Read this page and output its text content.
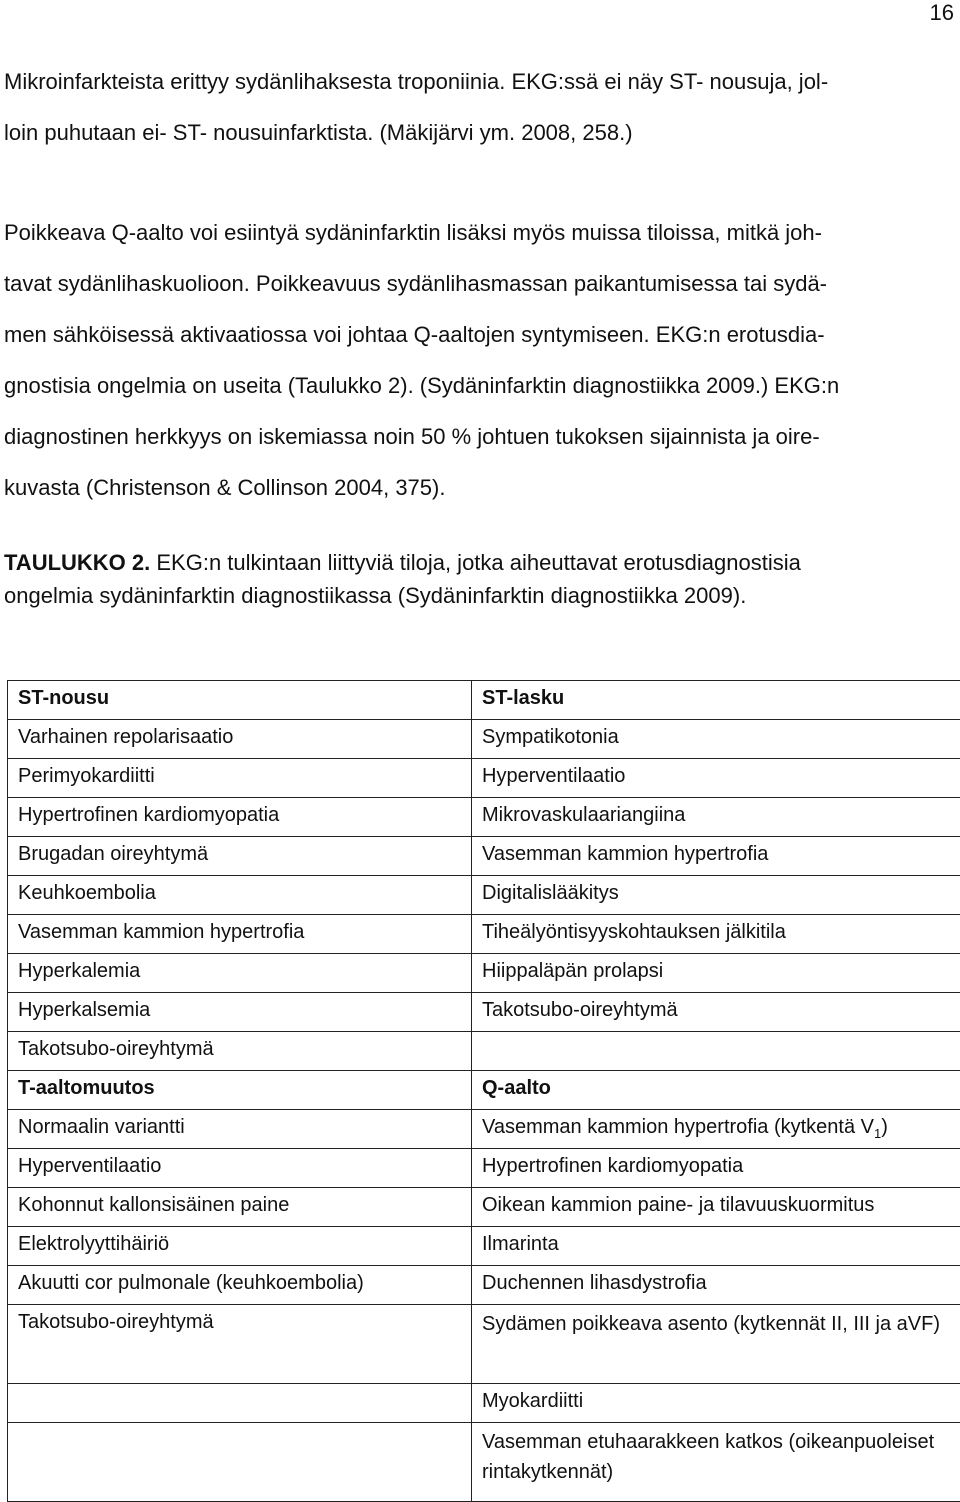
16
Mikroinfarkteista erittyy sydänlihaksesta troponiinia. EKG:ssä ei näy ST- nousuja, jol-
loin puhutaan ei- ST- nousuinfarktista. (Mäkijärvi ym. 2008, 258.)
Poikkeava Q-aalto voi esiintyä sydäninfarktin lisäksi myös muissa tiloissa, mitkä joh-
tavat sydänlihaskuolioon. Poikkeavuus sydänlihasmassan paikantumisessa tai sydä-
men sähköisessä aktivaatiossa voi johtaa Q-aaltojen syntymiseen. EKG:n erotusdia-
gnostisia ongelmia on useita (Taulukko 2). (Sydäninfarktin diagnostiikka 2009.) EKG:n
diagnostinen herkkyys on iskemiassa noin 50 % johtuen tukoksen sijainnista ja oire-
kuvasta (Christenson & Collinson 2004, 375).
TAULUKKO 2. EKG:n tulkintaan liittyviä tiloja, jotka aiheuttavat erotusdiagnostisia
ongelmia sydäninfarktin diagnostiikassa (Sydäninfarktin diagnostiikka 2009).
ST-nousu	ST-lasku
Varhainen repolarisaatio	Sympatikotonia
Perimyokardiitti	Hyperventilaatio
Hypertrofinen kardiomyopatia	Mikrovaskulaariangiina
Brugadan oireyhtymä	Vasemman kammion hypertrofia
Keuhkoembolia	Digitalislääkitys
Vasemman kammion hypertrofia	Tiheälyöntisyyskohtauksen jälkitila
Hyperkalemia	Hiippaläpän prolapsi
Hyperkalsemia	Takotsubo-oireyhtymä
Takotsubo-oireyhtymä	
T-aaltomuutos	Q-aalto
Normaalin variantti	Vasemman kammion hypertrofia (kytkentä $V_1$)
Hyperventilaatio	Hypertrofinen kardiomyopatia
Kohonnut kallonsisäinen paine	Oikean kammion paine- ja tilavuuskuormitus
Elektrolyyttihäiriö	Ilmarinta
Akuutti cor pulmonale (keuhkoembolia)	Duchennen lihasdystrofia
Takotsubo-oireyhtymä	Sydämen poikkeava asento (kytkennät II, III ja aVF)
	Myokardiitti
	Vasemman etuhaarakkeen katkos (oikeanpuoleiset rintakytkennät)
